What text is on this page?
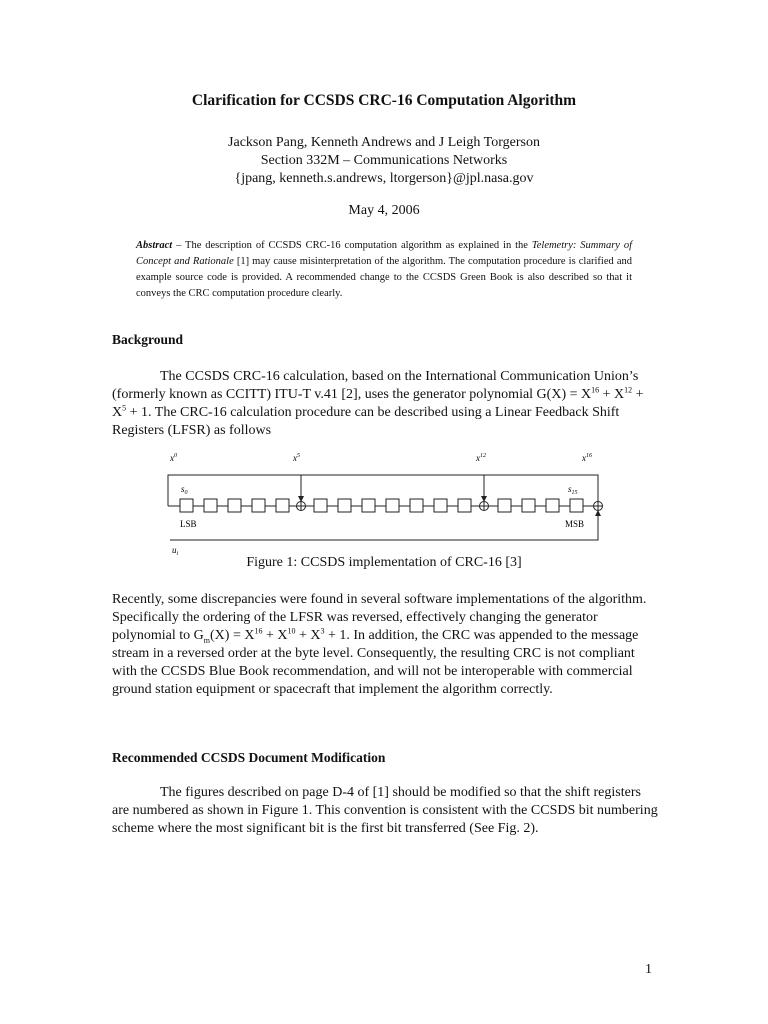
Clarification for CCSDS CRC-16 Computation Algorithm
Jackson Pang, Kenneth Andrews and J Leigh Torgerson
Section 332M – Communications Networks
{jpang, kenneth.s.andrews, ltorgerson}@jpl.nasa.gov
May 4, 2006
Abstract – The description of CCSDS CRC-16 computation algorithm as explained in the Telemetry: Summary of Concept and Rationale [1] may cause misinterpretation of the algorithm. The computation procedure is clarified and example source code is provided. A recommended change to the CCSDS Green Book is also described so that it conveys the CRC computation procedure clearly.
Background
The CCSDS CRC-16 calculation, based on the International Communication Union’s (formerly known as CCITT) ITU-T v.41 [2], uses the generator polynomial $G(X) = X^{16} + X^{12} + X^5 + 1$. The CRC-16 calculation procedure can be described using a Linear Feedback Shift Registers (LFSR) as follows
$x^0$	$x^5$	$x^{12}$	$x^{16}$
$s_0$	$s_{15}$
LSB	MSB
$u_i$
Figure 1: CCSDS implementation of CRC-16 [3]
Recently, some discrepancies were found in several software implementations of the algorithm. Specifically the ordering of the LFSR was reversed, effectively changing the generator polynomial to $G_m(X) = X^{16} + X^{10} + X^3 + 1$. In addition, the CRC was appended to the message stream in a reversed order at the byte level. Consequently, the resulting CRC is not compliant with the CCSDS Blue Book recommendation, and will not be interoperable with commercial ground station equipment or spacecraft that implement the algorithm correctly.
Recommended CCSDS Document Modification
The figures described on page D-4 of [1] should be modified so that the shift registers are numbered as shown in Figure 1. This convention is consistent with the CCSDS bit numbering scheme where the most significant bit is the first bit transferred (See Fig. 2).
1
